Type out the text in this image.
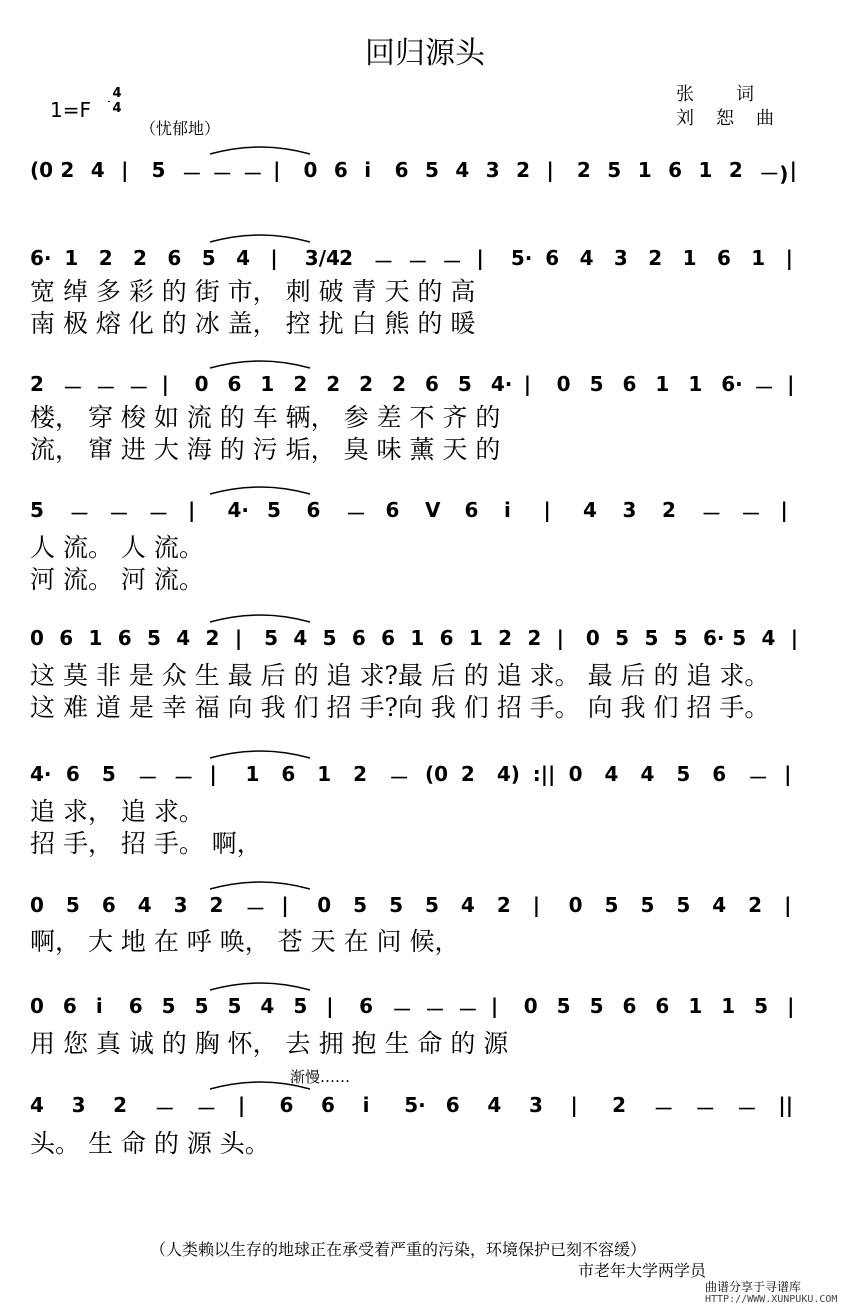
回归源头
1=F
4
4
（忧郁地）
张　　词
刘　恕　曲
(0 2 4 | 5 － － － | 0 6 i 6 5 4 3 2 | 2 5 1 6 1 2 －) |
6· 1 2 2 6 5 4 | 3/4 2 － － － | 5· 6 4 3 2 1 6 1 |
宽 绰 多 彩 的 街 市， 刺 破 青 天 的 高
南 极 熔 化 的 冰 盖， 控 扰 白 熊 的 暖
2 － － － | 0 6 1 2 2 2 2 6 5 4· | 0 5 6 1 1 6· － |
楼， 穿 梭 如 流 的 车 辆， 参 差 不 齐 的
流， 窜 进 大 海 的 污 垢， 臭 味 薰 天 的
5 － － － | 4· 5 6 － 6 V 6 i | 4 3 2 － － |
人 流。 人 流。
河 流。 河 流。
0 6 1 6 5 4 2 | 5 4 5 6 6 1 6 1 2 2 | 0 5 5 5 6· 5 4 |
这 莫 非 是 众 生 最 后 的 追 求?最 后 的 追 求。 最 后 的 追 求。
这 难 道 是 幸 福 向 我 们 招 手?向 我 们 招 手。 向 我 们 招 手。
4· 6 5 － － | 1 6 1 2 － (0 2 4) :|| 0 4 4 5 6 － |
追 求， 追 求。
招 手， 招 手。 啊，
0 5 6 4 3 2 － | 0 5 5 5 4 2 | 0 5 5 5 4 2 |
啊， 大 地 在 呼 唤， 苍 天 在 问 候，
0 6 i 6 5 5 5 4 5 | 6 － － － | 0 5 5 6 6 1 1 5 |
用 您 真 诚 的 胸 怀， 去 拥 抱 生 命 的 源
4 3 2 － － | 6 6 i 5· 6 4 3 | 2 － － － ||
头。 生 命 的 源 头。
渐慢……
（人类赖以生存的地球正在承受着严重的污染，环境保护已刻不容缓）
市老年大学两学员
曲谱分享于寻谱库
HTTP://WWW.XUNPUKU.COM
